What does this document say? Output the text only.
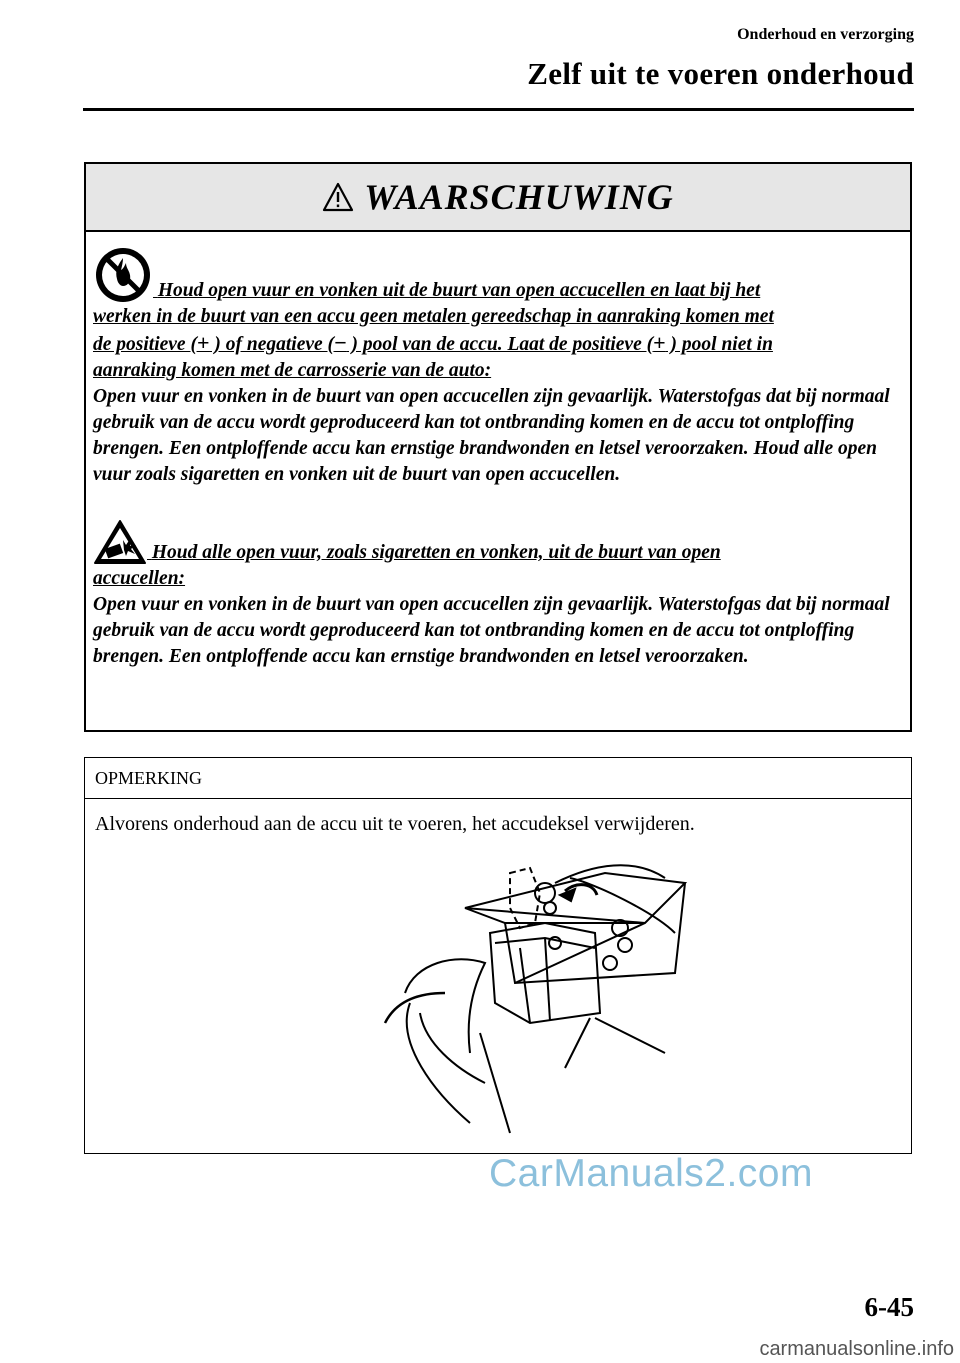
Onderhoud en verzorging
Zelf uit te voeren onderhoud
WAARSCHUWING

Houd open vuur en vonken uit de buurt van open accucellen en laat bij het
werken in de buurt van een accu geen metalen gereedschap in aanraking komen met
de positieve (+ ) of negatieve (− ) pool van de accu. Laat de positieve (+ ) pool niet in
aanraking komen met de carrosserie van de auto:

Open vuur en vonken in de buurt van open accucellen zijn gevaarlijk. Waterstofgas dat bij normaal gebruik van de accu wordt geproduceerd kan tot ontbranding komen en de accu tot ontploffing brengen. Een ontploffende accu kan ernstige brandwonden en letsel veroorzaken. Houd alle open vuur zoals sigaretten en vonken uit de buurt van open accucellen.

Houd alle open vuur, zoals sigaretten en vonken, uit de buurt van open
accucellen:

Open vuur en vonken in de buurt van open accucellen zijn gevaarlijk. Waterstofgas dat bij normaal gebruik van de accu wordt geproduceerd kan tot ontbranding komen en de accu tot ontploffing brengen. Een ontploffende accu kan ernstige brandwonden en letsel veroorzaken.

OPMERKING
Alvorens onderhoud aan de accu uit te voeren, het accudeksel verwijderen.
CarManuals2.com
6-45
carmanualsonline.info
